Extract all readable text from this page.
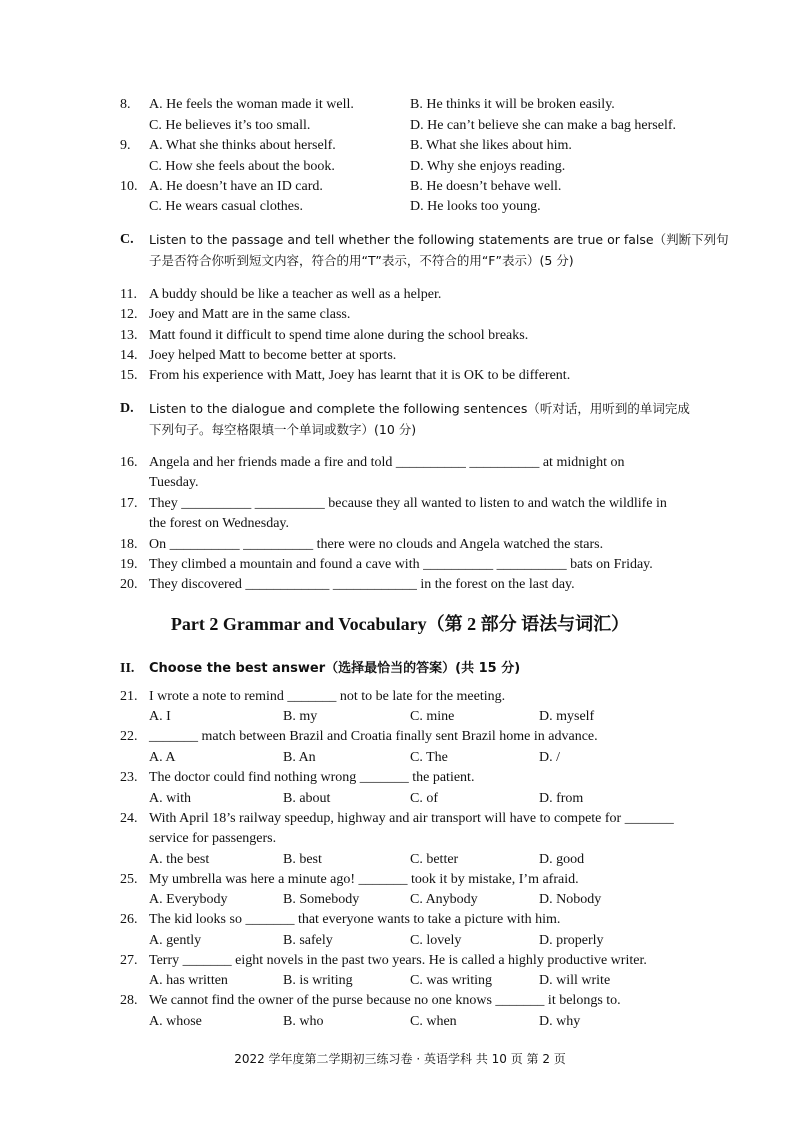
8. A. He feels the woman made it well.	B. He thinks it will be broken easily.
C. He believes it’s too small.	D. He can’t believe she can make a bag herself.
9. A. What she thinks about herself.	B. What she likes about him.
C. How she feels about the book.	D. Why she enjoys reading.
10. A. He doesn’t have an ID card.	B. He doesn’t behave well.
C. He wears casual clothes.	D. He looks too young.
C. Listen to the passage and tell whether the following statements are true or false（判断下列句
子是否符合你听到短文内容，符合的用“T”表示，不符合的用“F”表示）(5 分)
11. A buddy should be like a teacher as well as a helper.
12. Joey and Matt are in the same class.
13. Matt found it difficult to spend time alone during the school breaks.
14. Joey helped Matt to become better at sports.
15. From his experience with Matt, Joey has learnt that it is OK to be different.
D. Listen to the dialogue and complete the following sentences（听对话，用听到的单词完成
下列句子。每空格限填一个单词或数字）(10 分)
16. Angela and her friends made a fire and told __________ __________ at midnight on
Tuesday.
17. They __________ __________ because they all wanted to listen to and watch the wildlife in
the forest on Wednesday.
18. On __________ __________ there were no clouds and Angela watched the stars.
19. They climbed a mountain and found a cave with __________ __________ bats on Friday.
20. They discovered ____________ ____________ in the forest on the last day.
Part 2 Grammar and Vocabulary（第 2 部分 语法与词汇）
II. Choose the best answer（选择最恰当的答案）(共 15 分)
21. I wrote a note to remind _______ not to be late for the meeting.
A. I	B. my	C. mine	D. myself
22. _______ match between Brazil and Croatia finally sent Brazil home in advance.
A. A	B. An	C. The	D. /
23. The doctor could find nothing wrong _______ the patient.
A. with	B. about	C. of	D. from
24. With April 18’s railway speedup, highway and air transport will have to compete for _______
service for passengers.
A. the best	B. best	C. better	D. good
25. My umbrella was here a minute ago! _______ took it by mistake, I’m afraid.
A. Everybody	B. Somebody	C. Anybody	D. Nobody
26. The kid looks so _______ that everyone wants to take a picture with him.
A. gently	B. safely	C. lovely	D. properly
27. Terry _______ eight novels in the past two years. He is called a highly productive writer.
A. has written	B. is writing	C. was writing	D. will write
28. We cannot find the owner of the purse because no one knows _______ it belongs to.
A. whose	B. who	C. when	D. why
2022 学年度第二学期初三练习卷 · 英语学科 共 10 页 第 2 页
